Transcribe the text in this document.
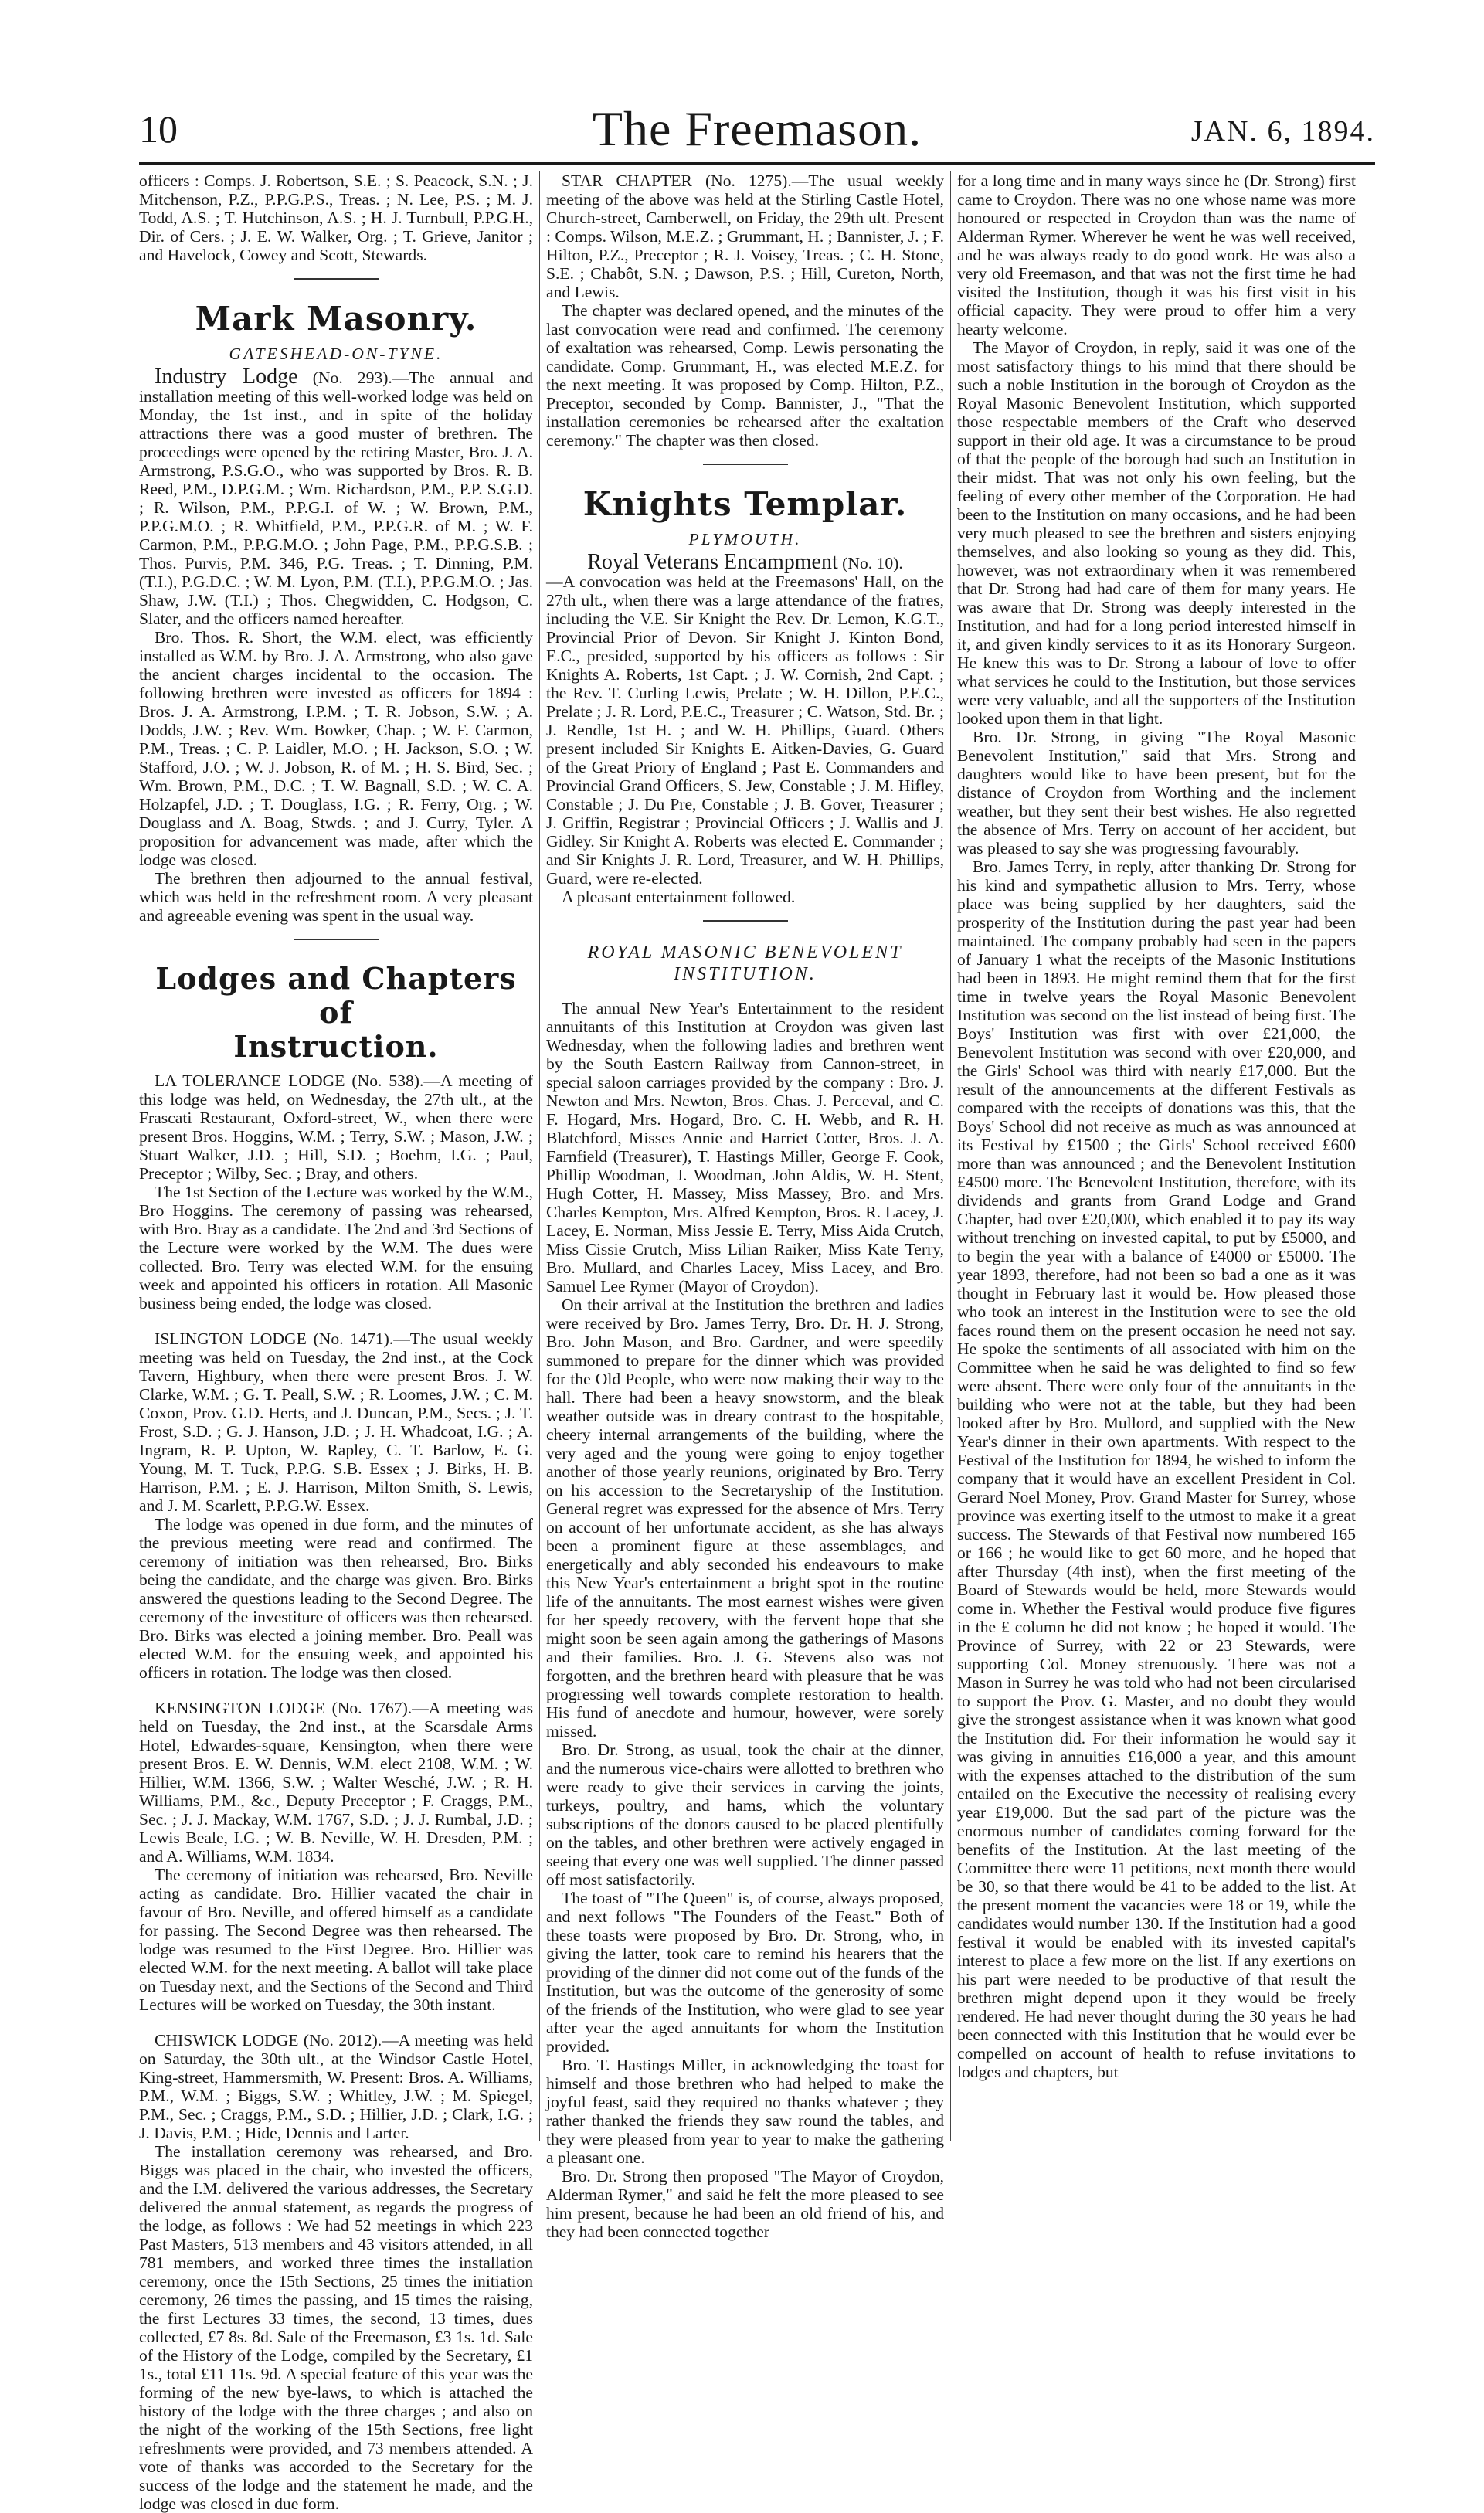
10	The Freemason.	JAN. 6, 1894.

officers : Comps. J. Robertson, S.E. ; S. Peacock, S.N. ; J. Mitchenson, P.Z., P.P.G.P.S., Treas. ; N. Lee, P.S. ; M. J. Todd, A.S. ; T. Hutchinson, A.S. ; H. J. Turnbull, P.P.G.H., Dir. of Cers. ; J. E. W. Walker, Org. ; T. Grieve, Janitor ; and Havelock, Cowey and Scott, Stewards.

Mark Masonry.
GATESHEAD-ON-TYNE.

Industry Lodge (No. 293).—The annual and installation meeting of this well-worked lodge was held on Monday, the 1st inst., and in spite of the holiday attractions there was a good muster of brethren. The proceedings were opened by the retiring Master, Bro. J. A. Armstrong, P.S.G.O., who was supported by Bros. R. B. Reed, P.M., D.P.G.M. ; Wm. Richardson, P.M., P.P. S.G.D. ; R. Wilson, P.M., P.P.G.I. of W. ; W. Brown, P.M., P.P.G.M.O. ; R. Whitfield, P.M., P.P.G.R. of M. ; W. F. Carmon, P.M., P.P.G.M.O. ; John Page, P.M., P.P.G.S.B. ; Thos. Purvis, P.M. 346, P.G. Treas. ; T. Dinning, P.M. (T.I.), P.G.D.C. ; W. M. Lyon, P.M. (T.I.), P.P.G.M.O. ; Jas. Shaw, J.W. (T.I.) ; Thos. Chegwidden, C. Hodgson, C. Slater, and the officers named hereafter.

Bro. Thos. R. Short, the W.M. elect, was efficiently installed as W.M. by Bro. J. A. Armstrong, who also gave the ancient charges incidental to the occasion. The following brethren were invested as officers for 1894 : Bros. J. A. Armstrong, I.P.M. ; T. R. Jobson, S.W. ; A. Dodds, J.W. ; Rev. Wm. Bowker, Chap. ; W. F. Carmon, P.M., Treas. ; C. P. Laidler, M.O. ; H. Jackson, S.O. ; W. Stafford, J.O. ; W. J. Jobson, R. of M. ; H. S. Bird, Sec. ; Wm. Brown, P.M., D.C. ; T. W. Bagnall, S.D. ; W. C. A. Holzapfel, J.D. ; T. Douglass, I.G. ; R. Ferry, Org. ; W. Douglass and A. Boag, Stwds. ; and J. Curry, Tyler. A proposition for advancement was made, after which the lodge was closed.

The brethren then adjourned to the annual festival, which was held in the refreshment room. A very pleasant and agreeable evening was spent in the usual way.

Lodges and Chapters of
Instruction.

LA TOLERANCE LODGE (No. 538).—A meeting of this lodge was held, on Wednesday, the 27th ult., at the Frascati Restaurant, Oxford-street, W., when there were present Bros. Hoggins, W.M. ; Terry, S.W. ; Mason, J.W. ; Stuart Walker, J.D. ; Hill, S.D. ; Boehm, I.G. ; Paul, Preceptor ; Wilby, Sec. ; Bray, and others.

The 1st Section of the Lecture was worked by the W.M., Bro Hoggins. The ceremony of passing was rehearsed, with Bro. Bray as a candidate. The 2nd and 3rd Sections of the Lecture were worked by the W.M. The dues were collected. Bro. Terry was elected W.M. for the ensuing week and appointed his officers in rotation. All Masonic business being ended, the lodge was closed.

ISLINGTON LODGE (No. 1471).—The usual weekly meeting was held on Tuesday, the 2nd inst., at the Cock Tavern, Highbury, when there were present Bros. J. W. Clarke, W.M. ; G. T. Peall, S.W. ; R. Loomes, J.W. ; C. M. Coxon, Prov. G.D. Herts, and J. Duncan, P.M., Secs. ; J. T. Frost, S.D. ; G. J. Hanson, J.D. ; J. H. Whadcoat, I.G. ; A. Ingram, R. P. Upton, W. Rapley, C. T. Barlow, E. G. Young, M. T. Tuck, P.P.G. S.B. Essex ; J. Birks, H. B. Harrison, P.M. ; E. J. Harrison, Milton Smith, S. Lewis, and J. M. Scarlett, P.P.G.W. Essex.

The lodge was opened in due form, and the minutes of the previous meeting were read and confirmed. The ceremony of initiation was then rehearsed, Bro. Birks being the candidate, and the charge was given. Bro. Birks answered the questions leading to the Second Degree. The ceremony of the investiture of officers was then rehearsed. Bro. Birks was elected a joining member. Bro. Peall was elected W.M. for the ensuing week, and appointed his officers in rotation. The lodge was then closed.

KENSINGTON LODGE (No. 1767).—A meeting was held on Tuesday, the 2nd inst., at the Scarsdale Arms Hotel, Edwardes-square, Kensington, when there were present Bros. E. W. Dennis, W.M. elect 2108, W.M. ; W. Hillier, W.M. 1366, S.W. ; Walter Wesché, J.W. ; R. H. Williams, P.M., &c., Deputy Preceptor ; F. Craggs, P.M., Sec. ; J. J. Mackay, W.M. 1767, S.D. ; J. J. Rumbal, J.D. ; Lewis Beale, I.G. ; W. B. Neville, W. H. Dresden, P.M. ; and A. Williams, W.M. 1834.

The ceremony of initiation was rehearsed, Bro. Neville acting as candidate. Bro. Hillier vacated the chair in favour of Bro. Neville, and offered himself as a candidate for passing. The Second Degree was then rehearsed. The lodge was resumed to the First Degree. Bro. Hillier was elected W.M. for the next meeting. A ballot will take place on Tuesday next, and the Sections of the Second and Third Lectures will be worked on Tuesday, the 30th instant.

CHISWICK LODGE (No. 2012).—A meeting was held on Saturday, the 30th ult., at the Windsor Castle Hotel, King-street, Hammersmith, W. Present: Bros. A. Williams, P.M., W.M. ; Biggs, S.W. ; Whitley, J.W. ; M. Spiegel, P.M., Sec. ; Craggs, P.M., S.D. ; Hillier, J.D. ; Clark, I.G. ; J. Davis, P.M. ; Hide, Dennis and Larter.

The installation ceremony was rehearsed, and Bro. Biggs was placed in the chair, who invested the officers, and the I.M. delivered the various addresses, the Secretary delivered the annual statement, as regards the progress of the lodge, as follows : We had 52 meetings in which 223 Past Masters, 513 members and 43 visitors attended, in all 781 members, and worked three times the installation ceremony, once the 15th Sections, 25 times the initiation ceremony, 26 times the passing, and 15 times the raising, the first Lectures 33 times, the second, 13 times, dues collected, £7 8s. 8d. Sale of the Freemason, £3 1s. 1d. Sale of the History of the Lodge, compiled by the Secretary, £1 1s., total £11 11s. 9d. A special feature of this year was the forming of the new bye-laws, to which is attached the history of the lodge with the three charges ; and also on the night of the working of the 15th Sections, free light refreshments were provided, and 73 members attended. A vote of thanks was accorded to the Secretary for the success of the lodge and the statement he made, and the lodge was closed in due form.

STAR CHAPTER (No. 1275).—The usual weekly meeting of the above was held at the Stirling Castle Hotel, Church-street, Camberwell, on Friday, the 29th ult. Present : Comps. Wilson, M.E.Z. ; Grummant, H. ; Bannister, J. ; F. Hilton, P.Z., Preceptor ; R. J. Voisey, Treas. ; C. H. Stone, S.E. ; Chabôt, S.N. ; Dawson, P.S. ; Hill, Cureton, North, and Lewis.

The chapter was declared opened, and the minutes of the last convocation were read and confirmed. The ceremony of exaltation was rehearsed, Comp. Lewis personating the candidate. Comp. Grummant, H., was elected M.E.Z. for the next meeting. It was proposed by Comp. Hilton, P.Z., Preceptor, seconded by Comp. Bannister, J., "That the installation ceremonies be rehearsed after the exaltation ceremony." The chapter was then closed.

Knights Templar.
PLYMOUTH.

Royal Veterans Encampment (No. 10).

—A convocation was held at the Freemasons' Hall, on the 27th ult., when there was a large attendance of the fratres, including the V.E. Sir Knight the Rev. Dr. Lemon, K.G.T., Provincial Prior of Devon. Sir Knight J. Kinton Bond, E.C., presided, supported by his officers as follows : Sir Knights A. Roberts, 1st Capt. ; J. W. Cornish, 2nd Capt. ; the Rev. T. Curling Lewis, Prelate ; W. H. Dillon, P.E.C., Prelate ; J. R. Lord, P.E.C., Treasurer ; C. Watson, Std. Br. ; J. Rendle, 1st H. ; and W. H. Phillips, Guard. Others present included Sir Knights E. Aitken-Davies, G. Guard of the Great Priory of England ; Past E. Commanders and Provincial Grand Officers, S. Jew, Constable ; J. M. Hifley, Constable ; J. Du Pre, Constable ; J. B. Gover, Treasurer ; J. Griffin, Registrar ; Provincial Officers ; J. Wallis and J. Gidley. Sir Knight A. Roberts was elected E. Commander ; and Sir Knights J. R. Lord, Treasurer, and W. H. Phillips, Guard, were re-elected.

A pleasant entertainment followed.

ROYAL MASONIC BENEVOLENT
INSTITUTION.

The annual New Year's Entertainment to the resident annuitants of this Institution at Croydon was given last Wednesday, when the following ladies and brethren went by the South Eastern Railway from Cannon-street, in special saloon carriages provided by the company : Bro. J. Newton and Mrs. Newton, Bros. Chas. J. Perceval, and C. F. Hogard, Mrs. Hogard, Bro. C. H. Webb, and R. H. Blatchford, Misses Annie and Harriet Cotter, Bros. J. A. Farnfield (Treasurer), T. Hastings Miller, George F. Cook, Phillip Woodman, J. Woodman, John Aldis, W. H. Stent, Hugh Cotter, H. Massey, Miss Massey, Bro. and Mrs. Charles Kempton, Mrs. Alfred Kempton, Bros. R. Lacey, J. Lacey, E. Norman, Miss Jessie E. Terry, Miss Aida Crutch, Miss Cissie Crutch, Miss Lilian Raiker, Miss Kate Terry, Bro. Mullard, and Charles Lacey, Miss Lacey, and Bro. Samuel Lee Rymer (Mayor of Croydon).

On their arrival at the Institution the brethren and ladies were received by Bro. James Terry, Bro. Dr. H. J. Strong, Bro. John Mason, and Bro. Gardner, and were speedily summoned to prepare for the dinner which was provided for the Old People, who were now making their way to the hall. There had been a heavy snowstorm, and the bleak weather outside was in dreary contrast to the hospitable, cheery internal arrangements of the building, where the very aged and the young were going to enjoy together another of those yearly reunions, originated by Bro. Terry on his accession to the Secretaryship of the Institution. General regret was expressed for the absence of Mrs. Terry on account of her unfortunate accident, as she has always been a prominent figure at these assemblages, and energetically and ably seconded his endeavours to make this New Year's entertainment a bright spot in the routine life of the annuitants. The most earnest wishes were given for her speedy recovery, with the fervent hope that she might soon be seen again among the gatherings of Masons and their families. Bro. J. G. Stevens also was not forgotten, and the brethren heard with pleasure that he was progressing well towards complete restoration to health. His fund of anecdote and humour, however, were sorely missed.

Bro. Dr. Strong, as usual, took the chair at the dinner, and the numerous vice-chairs were allotted to brethren who were ready to give their services in carving the joints, turkeys, poultry, and hams, which the voluntary subscriptions of the donors caused to be placed plentifully on the tables, and other brethren were actively engaged in seeing that every one was well supplied. The dinner passed off most satisfactorily.

The toast of "The Queen" is, of course, always proposed, and next follows "The Founders of the Feast." Both of these toasts were proposed by Bro. Dr. Strong, who, in giving the latter, took care to remind his hearers that the providing of the dinner did not come out of the funds of the Institution, but was the outcome of the generosity of some of the friends of the Institution, who were glad to see year after year the aged annuitants for whom the Institution provided.

Bro. T. Hastings Miller, in acknowledging the toast for himself and those brethren who had helped to make the joyful feast, said they required no thanks whatever ; they rather thanked the friends they saw round the tables, and they were pleased from year to year to make the gathering a pleasant one.

Bro. Dr. Strong then proposed "The Mayor of Croydon, Alderman Rymer," and said he felt the more pleased to see him present, because he had been an old friend of his, and they had been connected together

for a long time and in many ways since he (Dr. Strong) first came to Croydon. There was no one whose name was more honoured or respected in Croydon than was the name of Alderman Rymer. Wherever he went he was well received, and he was always ready to do good work. He was also a very old Freemason, and that was not the first time he had visited the Institution, though it was his first visit in his official capacity. They were proud to offer him a very hearty welcome.

The Mayor of Croydon, in reply, said it was one of the most satisfactory things to his mind that there should be such a noble Institution in the borough of Croydon as the Royal Masonic Benevolent Institution, which supported those respectable members of the Craft who deserved support in their old age. It was a circumstance to be proud of that the people of the borough had such an Institution in their midst. That was not only his own feeling, but the feeling of every other member of the Corporation. He had been to the Institution on many occasions, and he had been very much pleased to see the brethren and sisters enjoying themselves, and also looking so young as they did. This, however, was not extraordinary when it was remembered that Dr. Strong had had care of them for many years. He was aware that Dr. Strong was deeply interested in the Institution, and had for a long period interested himself in it, and given kindly services to it as its Honorary Surgeon. He knew this was to Dr. Strong a labour of love to offer what services he could to the Institution, but those services were very valuable, and all the supporters of the Institution looked upon them in that light.

Bro. Dr. Strong, in giving "The Royal Masonic Benevolent Institution," said that Mrs. Strong and daughters would like to have been present, but for the distance of Croydon from Worthing and the inclement weather, but they sent their best wishes. He also regretted the absence of Mrs. Terry on account of her accident, but was pleased to say she was progressing favourably.

Bro. James Terry, in reply, after thanking Dr. Strong for his kind and sympathetic allusion to Mrs. Terry, whose place was being supplied by her daughters, said the prosperity of the Institution during the past year had been maintained. The company probably had seen in the papers of January 1 what the receipts of the Masonic Institutions had been in 1893. He might remind them that for the first time in twelve years the Royal Masonic Benevolent Institution was second on the list instead of being first. The Boys' Institution was first with over £21,000, the Benevolent Institution was second with over £20,000, and the Girls' School was third with nearly £17,000. But the result of the announcements at the different Festivals as compared with the receipts of donations was this, that the Boys' School did not receive as much as was announced at its Festival by £1500 ; the Girls' School received £600 more than was announced ; and the Benevolent Institution £4500 more. The Benevolent Institution, therefore, with its dividends and grants from Grand Lodge and Grand Chapter, had over £20,000, which enabled it to pay its way without trenching on invested capital, to put by £5000, and to begin the year with a balance of £4000 or £5000. The year 1893, therefore, had not been so bad a one as it was thought in February last it would be. How pleased those who took an interest in the Institution were to see the old faces round them on the present occasion he need not say. He spoke the sentiments of all associated with him on the Committee when he said he was delighted to find so few were absent. There were only four of the annuitants in the building who were not at the table, but they had been looked after by Bro. Mullord, and supplied with the New Year's dinner in their own apartments. With respect to the Festival of the Institution for 1894, he wished to inform the company that it would have an excellent President in Col. Gerard Noel Money, Prov. Grand Master for Surrey, whose province was exerting itself to the utmost to make it a great success. The Stewards of that Festival now numbered 165 or 166 ; he would like to get 60 more, and he hoped that after Thursday (4th inst), when the first meeting of the Board of Stewards would be held, more Stewards would come in. Whether the Festival would produce five figures in the £ column he did not know ; he hoped it would. The Province of Surrey, with 22 or 23 Stewards, were supporting Col. Money strenuously. There was not a Mason in Surrey he was told who had not been circularised to support the Prov. G. Master, and no doubt they would give the strongest assistance when it was known what good the Institution did. For their information he would say it was giving in annuities £16,000 a year, and this amount with the expenses attached to the distribution of the sum entailed on the Executive the necessity of realising every year £19,000. But the sad part of the picture was the enormous number of candidates coming forward for the benefits of the Institution. At the last meeting of the Committee there were 11 petitions, next month there would be 30, so that there would be 41 to be added to the list. At the present moment the vacancies were 18 or 19, while the candidates would number 130. If the Institution had a good festival it would be enabled with its invested capital's interest to place a few more on the list. If any exertions on his part were needed to be productive of that result the brethren might depend upon it they would be freely rendered. He had never thought during the 30 years he had been connected with this Institution that he would ever be compelled on account of health to refuse invitations to lodges and chapters, but
